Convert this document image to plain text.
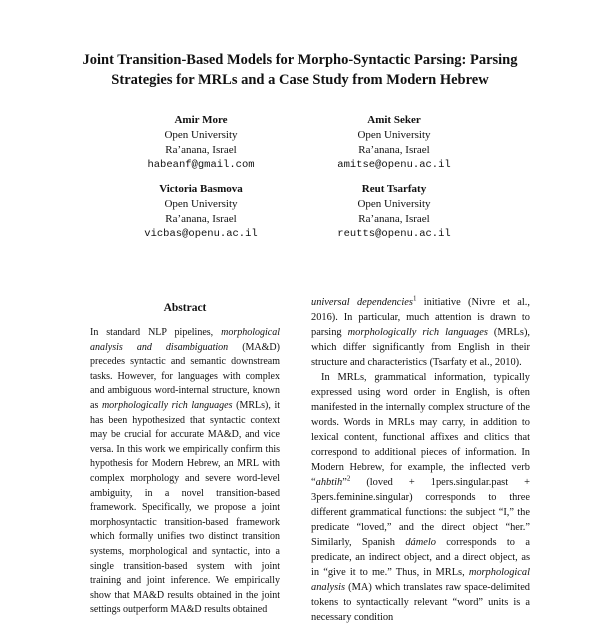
Joint Transition-Based Models for Morpho-Syntactic Parsing: Parsing
Strategies for MRLs and a Case Study from Modern Hebrew
Amir More
Open University
Ra’anana, Israel
habeanf@gmail.com
Amit Seker
Open University
Ra’anana, Israel
amitse@openu.ac.il
Victoria Basmova
Open University
Ra’anana, Israel
vicbas@openu.ac.il
Reut Tsarfaty
Open University
Ra’anana, Israel
reutts@openu.ac.il
Abstract

In standard NLP pipelines, morphological analysis and disambiguation (MA&D) precedes syntactic and semantic downstream tasks. However, for languages with complex and ambiguous word-internal structure, known as morphologically rich languages (MRLs), it has been hypothesized that syntactic context may be crucial for accurate MA&D, and vice versa. In this work we empirically confirm this hypothesis for Modern Hebrew, an MRL with complex morphology and severe word-level ambiguity, in a novel transition-based framework. Specifically, we propose a joint morphosyntactic transition-based framework which formally unifies two distinct transition systems, morphological and syntactic, into a single transition-based system with joint training and joint inference. We empirically show that MA&D results obtained in the joint settings outperform MA&D results obtained

universal dependencies$^1$ initiative (Nivre et al., 2016). In particular, much attention is drawn to parsing morphologically rich languages (MRLs), which differ significantly from English in their structure and characteristics (Tsarfaty et al., 2010).

In MRLs, grammatical information, typically expressed using word order in English, is often manifested in the internally complex structure of the words. Words in MRLs may carry, in addition to lexical content, functional affixes and clitics that correspond to additional pieces of information. In Modern Hebrew, for example, the inflected verb “ahbtih”$^2$ (loved + 1pers.singular.past + 3pers.feminine.singular) corresponds to three different grammatical functions: the subject “I,” the predicate “loved,” and the direct object “her.” Similarly, Spanish dámelo corresponds to a predicate, an indirect object, and a direct object, as in “give it to me.” Thus, in MRLs, morphological analysis (MA) which translates raw space-delimited tokens to syntactically relevant “word” units is a necessary condition
